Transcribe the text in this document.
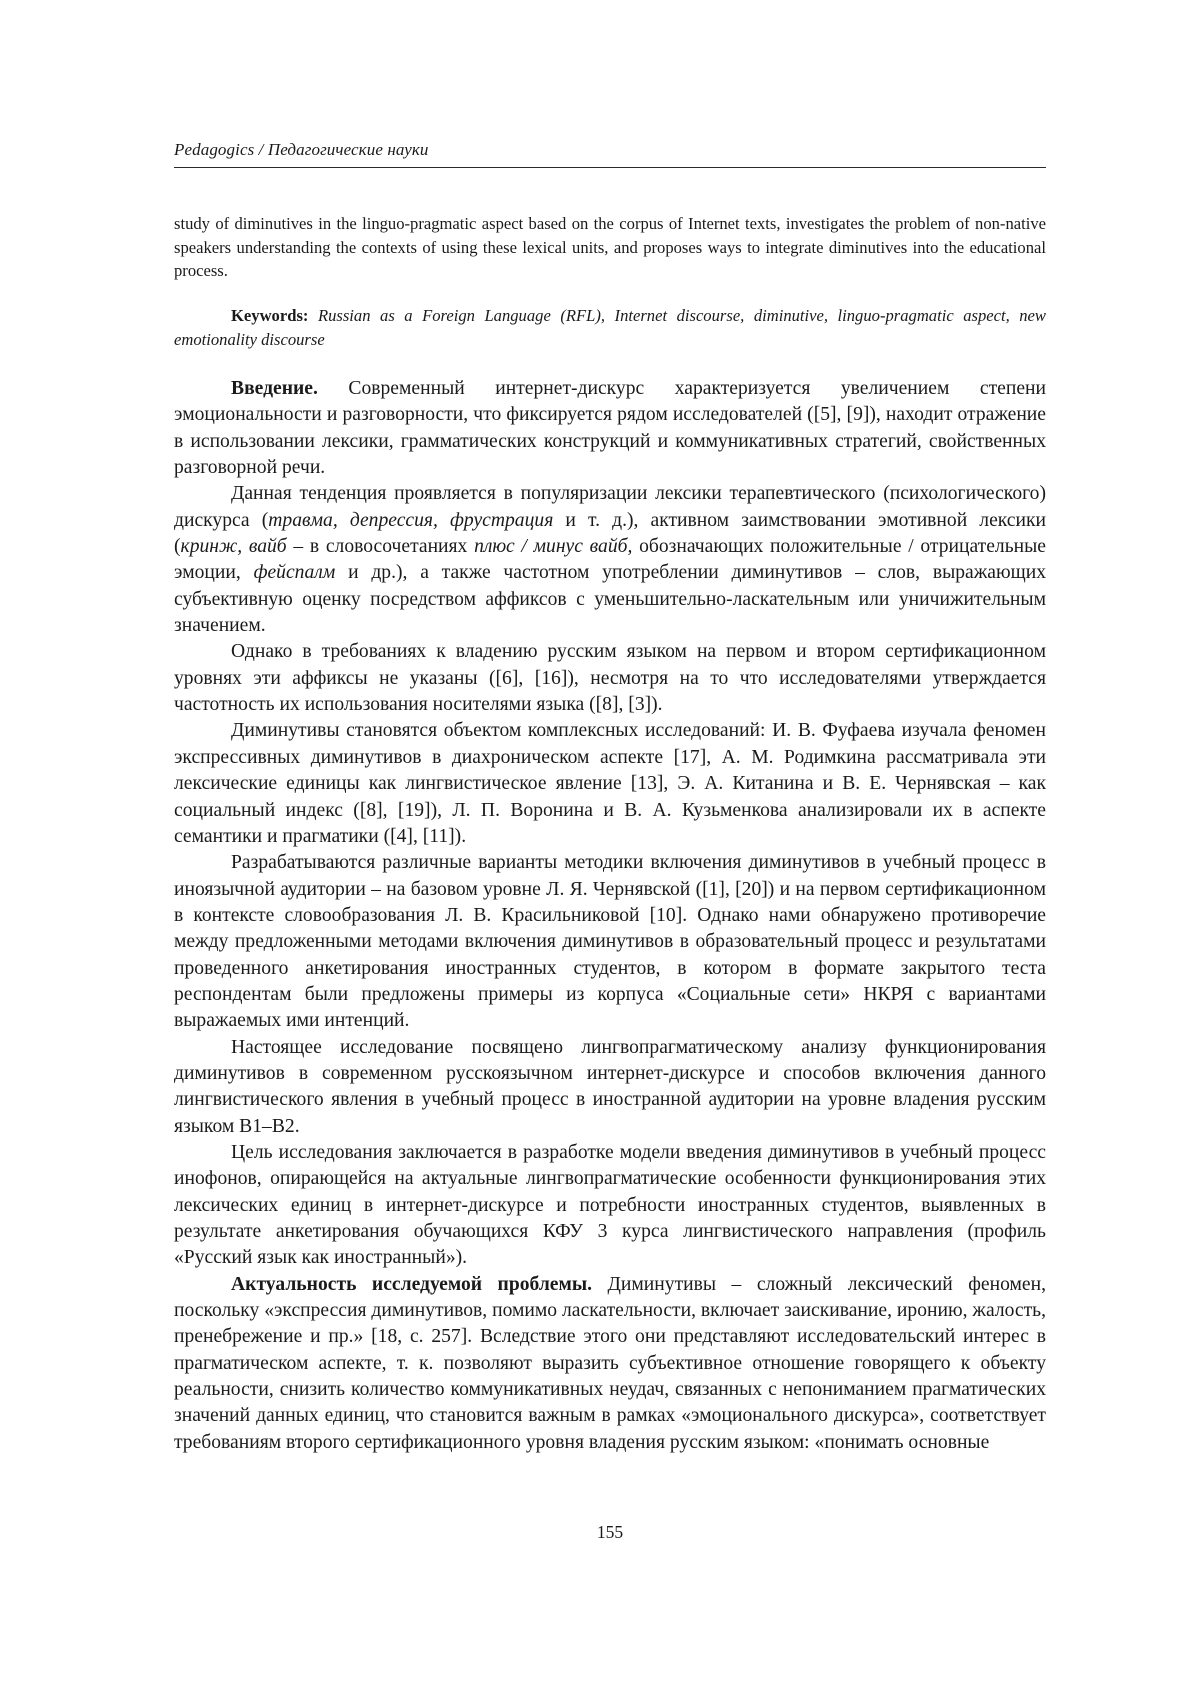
Pedagogics / Педагогические науки

study of diminutives in the linguo-pragmatic aspect based on the corpus of Internet texts, investigates the problem of non-native speakers understanding the contexts of using these lexical units, and proposes ways to integrate diminutives into the educational process.

Keywords: Russian as a Foreign Language (RFL), Internet discourse, diminutive, linguo-pragmatic aspect, new emotionality discourse

Введение. Современный интернет-дискурс характеризуется увеличением степени эмоциональности и разговорности, что фиксируется рядом исследователей ([5], [9]), находит отражение в использовании лексики, грамматических конструкций и коммуникативных стратегий, свойственных разговорной речи.

Данная тенденция проявляется в популяризации лексики терапевтического (психологического) дискурса (травма, депрессия, фрустрация и т. д.), активном заимствовании эмотивной лексики (кринж, вайб – в словосочетаниях плюс / минус вайб, обозначающих положительные / отрицательные эмоции, фейспалм и др.), а также частотном употреблении диминутивов – слов, выражающих субъективную оценку посредством аффиксов с уменьшительно-ласкательным или уничижительным значением.

Однако в требованиях к владению русским языком на первом и втором сертификационном уровнях эти аффиксы не указаны ([6], [16]), несмотря на то что исследователями утверждается частотность их использования носителями языка ([8], [3]).

Диминутивы становятся объектом комплексных исследований: И. В. Фуфаева изучала феномен экспрессивных диминутивов в диахроническом аспекте [17], А. М. Родимкина рассматривала эти лексические единицы как лингвистическое явление [13], Э. А. Китанина и В. Е. Чернявская – как социальный индекс ([8], [19]), Л. П. Воронина и В. А. Кузьменкова анализировали их в аспекте семантики и прагматики ([4], [11]).

Разрабатываются различные варианты методики включения диминутивов в учебный процесс в иноязычной аудитории – на базовом уровне Л. Я. Чернявской ([1], [20]) и на первом сертификационном в контексте словообразования Л. В. Красильниковой [10]. Однако нами обнаружено противоречие между предложенными методами включения диминутивов в образовательный процесс и результатами проведенного анкетирования иностранных студентов, в котором в формате закрытого теста респондентам были предложены примеры из корпуса «Социальные сети» НКРЯ с вариантами выражаемых ими интенций.

Настоящее исследование посвящено лингвопрагматическому анализу функционирования диминутивов в современном русскоязычном интернет-дискурсе и способов включения данного лингвистического явления в учебный процесс в иностранной аудитории на уровне владения русским языком B1–B2.

Цель исследования заключается в разработке модели введения диминутивов в учебный процесс инофонов, опирающейся на актуальные лингвопрагматические особенности функционирования этих лексических единиц в интернет-дискурсе и потребности иностранных студентов, выявленных в результате анкетирования обучающихся КФУ 3 курса лингвистического направления (профиль «Русский язык как иностранный»).

Актуальность исследуемой проблемы. Диминутивы – сложный лексический феномен, поскольку «экспрессия диминутивов, помимо ласкательности, включает заискивание, иронию, жалость, пренебрежение и пр.» [18, с. 257]. Вследствие этого они представляют исследовательский интерес в прагматическом аспекте, т. к. позволяют выразить субъективное отношение говорящего к объекту реальности, снизить количество коммуникативных неудач, связанных с непониманием прагматических значений данных единиц, что становится важным в рамках «эмоционального дискурса», соответствует требованиям второго сертификационного уровня владения русским языком: «понимать основные

155
